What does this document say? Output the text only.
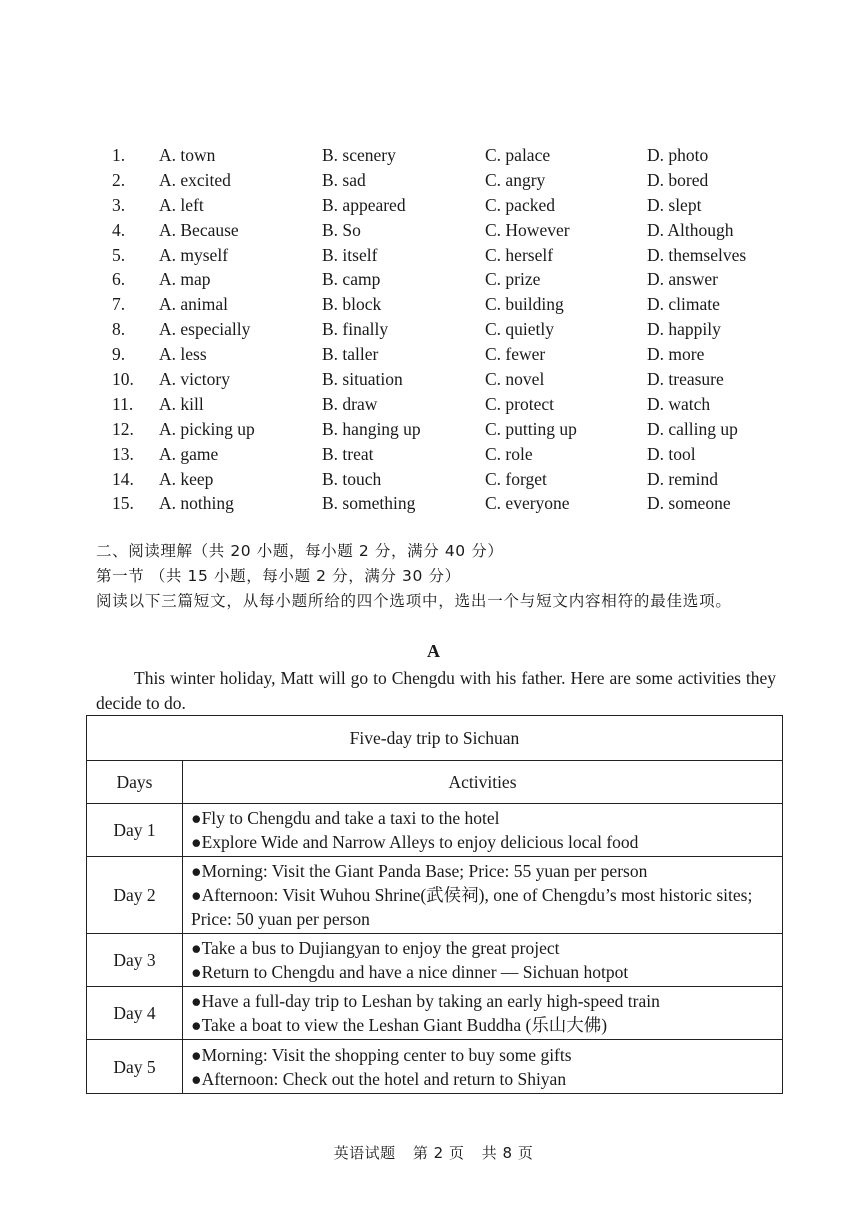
1. A. town	B. scenery	C. palace	D. photo
2. A. excited	B. sad	C. angry	D. bored
3. A. left	B. appeared	C. packed	D. slept
4. A. Because	B. So	C. However	D. Although
5. A. myself	B. itself	C. herself	D. themselves
6. A. map	B. camp	C. prize	D. answer
7. A. animal	B. block	C. building	D. climate
8. A. especially	B. finally	C. quietly	D. happily
9. A. less	B. taller	C. fewer	D. more
10. A. victory	B. situation	C. novel	D. treasure
11. A. kill	B. draw	C. protect	D. watch
12. A. picking up	B. hanging up	C. putting up	D. calling up
13. A. game	B. treat	C. role	D. tool
14. A. keep	B. touch	C. forget	D. remind
15. A. nothing	B. something	C. everyone	D. someone
二、阅读理解（共 20 小题，每小题 2 分，满分 40 分）
第一节 （共 15 小题，每小题 2 分，满分 30 分）
阅读以下三篇短文，从每小题所给的四个选项中，选出一个与短文内容相符的最佳选项。
A
This winter holiday, Matt will go to Chengdu with his father. Here are some activities they decide to do.
Five-day trip to Sichuan	
Days	Activities
Day 1	●Fly to Chengdu and take a taxi to the hotel
●Explore Wide and Narrow Alleys to enjoy delicious local food

Day 2	●Morning: Visit the Giant Panda Base; Price: 55 yuan per person
●Afternoon: Visit Wuhou Shrine(武侯祠), one of Chengdu’s most historic sites; Price: 50 yuan per person

Day 3	●Take a bus to Dujiangyan to enjoy the great project
●Return to Chengdu and have a nice dinner — Sichuan hotpot

Day 4	●Have a full-day trip to Leshan by taking an early high-speed train
●Take a boat to view the Leshan Giant Buddha (乐山大佛)

Day 5	●Morning: Visit the shopping center to buy some gifts
●Afternoon: Check out the hotel and return to Shiyan
英语试题 第 2 页 共 8 页
